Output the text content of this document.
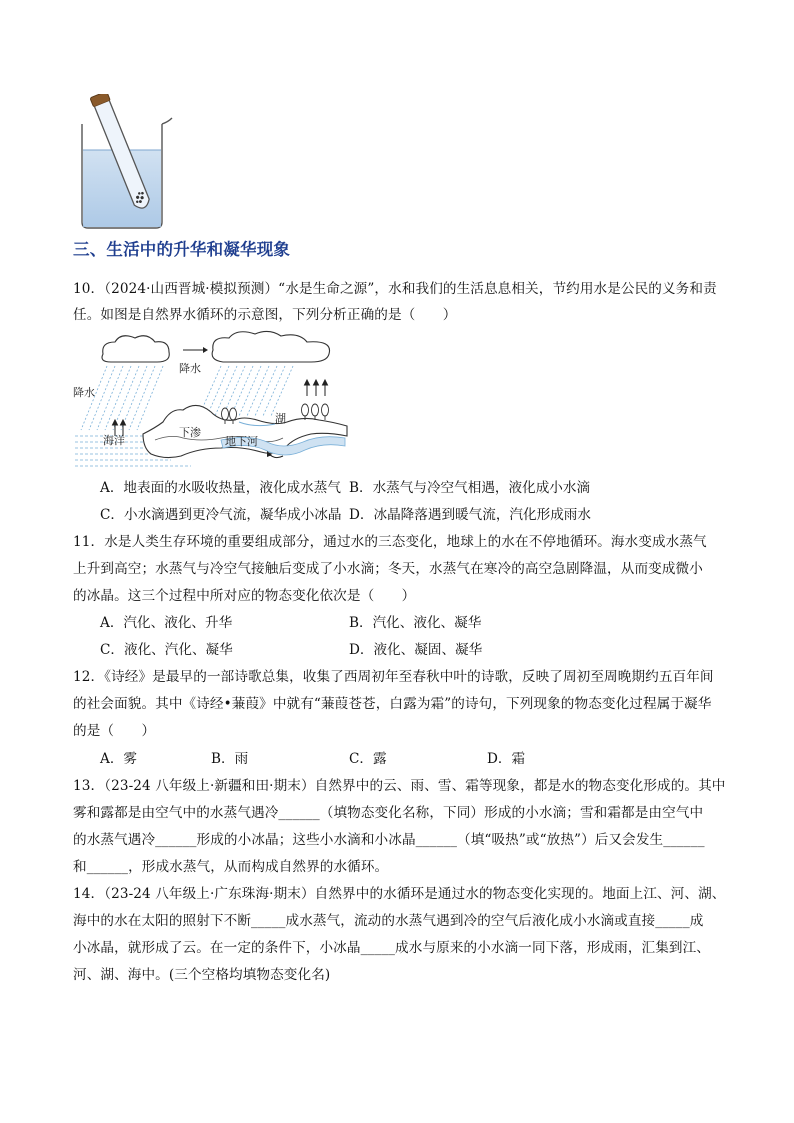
三、生活中的升华和凝华现象
10．（2024·山西晋城·模拟预测）“水是生命之源”，水和我们的生活息息相关，节约用水是公民的义务和责
任。如图是自然界水循环的示意图，下列分析正确的是（　　）
降水
降水
海洋
下渗
地下河
湖
A．地表面的水吸收热量，液化成水蒸气 B．水蒸气与冷空气相遇，液化成小水滴
C．小水滴遇到更冷气流，凝华成小冰晶 D．冰晶降落遇到暖气流，汽化形成雨水
11．水是人类生存环境的重要组成部分，通过水的三态变化，地球上的水在不停地循环。海水变成水蒸气
上升到高空；水蒸气与冷空气接触后变成了小水滴；冬天，水蒸气在寒冷的高空急剧降温，从而变成微小
的冰晶。这三个过程中所对应的物态变化依次是（　　）
A．汽化、液化、升华	B．汽化、液化、凝华
C．液化、汽化、凝华	D．液化、凝固、凝华
12．《诗经》是最早的一部诗歌总集，收集了西周初年至春秋中叶的诗歌，反映了周初至周晚期约五百年间
的社会面貌。其中《诗经•蒹葭》中就有“蒹葭苍苍，白露为霜”的诗句，下列现象的物态变化过程属于凝华
的是（　　）
A．雾	B．雨	C．露	D．霜
13．（23-24 八年级上·新疆和田·期末）自然界中的云、雨、雪、霜等现象，都是水的物态变化形成的。其中
雾和露都是由空气中的水蒸气遇冷______（填物态变化名称，下同）形成的小水滴；雪和霜都是由空气中
的水蒸气遇冷______形成的小冰晶；这些小水滴和小冰晶______（填“吸热”或“放热”）后又会发生______
和______，形成水蒸气，从而构成自然界的水循环。
14．（23-24 八年级上·广东珠海·期末）自然界中的水循环是通过水的物态变化实现的。地面上江、河、湖、
海中的水在太阳的照射下不断_____成水蒸气，流动的水蒸气遇到冷的空气后液化成小水滴或直接_____成
小冰晶，就形成了云。在一定的条件下，小冰晶_____成水与原来的小水滴一同下落，形成雨，汇集到江、
河、湖、海中。(三个空格均填物态变化名)
